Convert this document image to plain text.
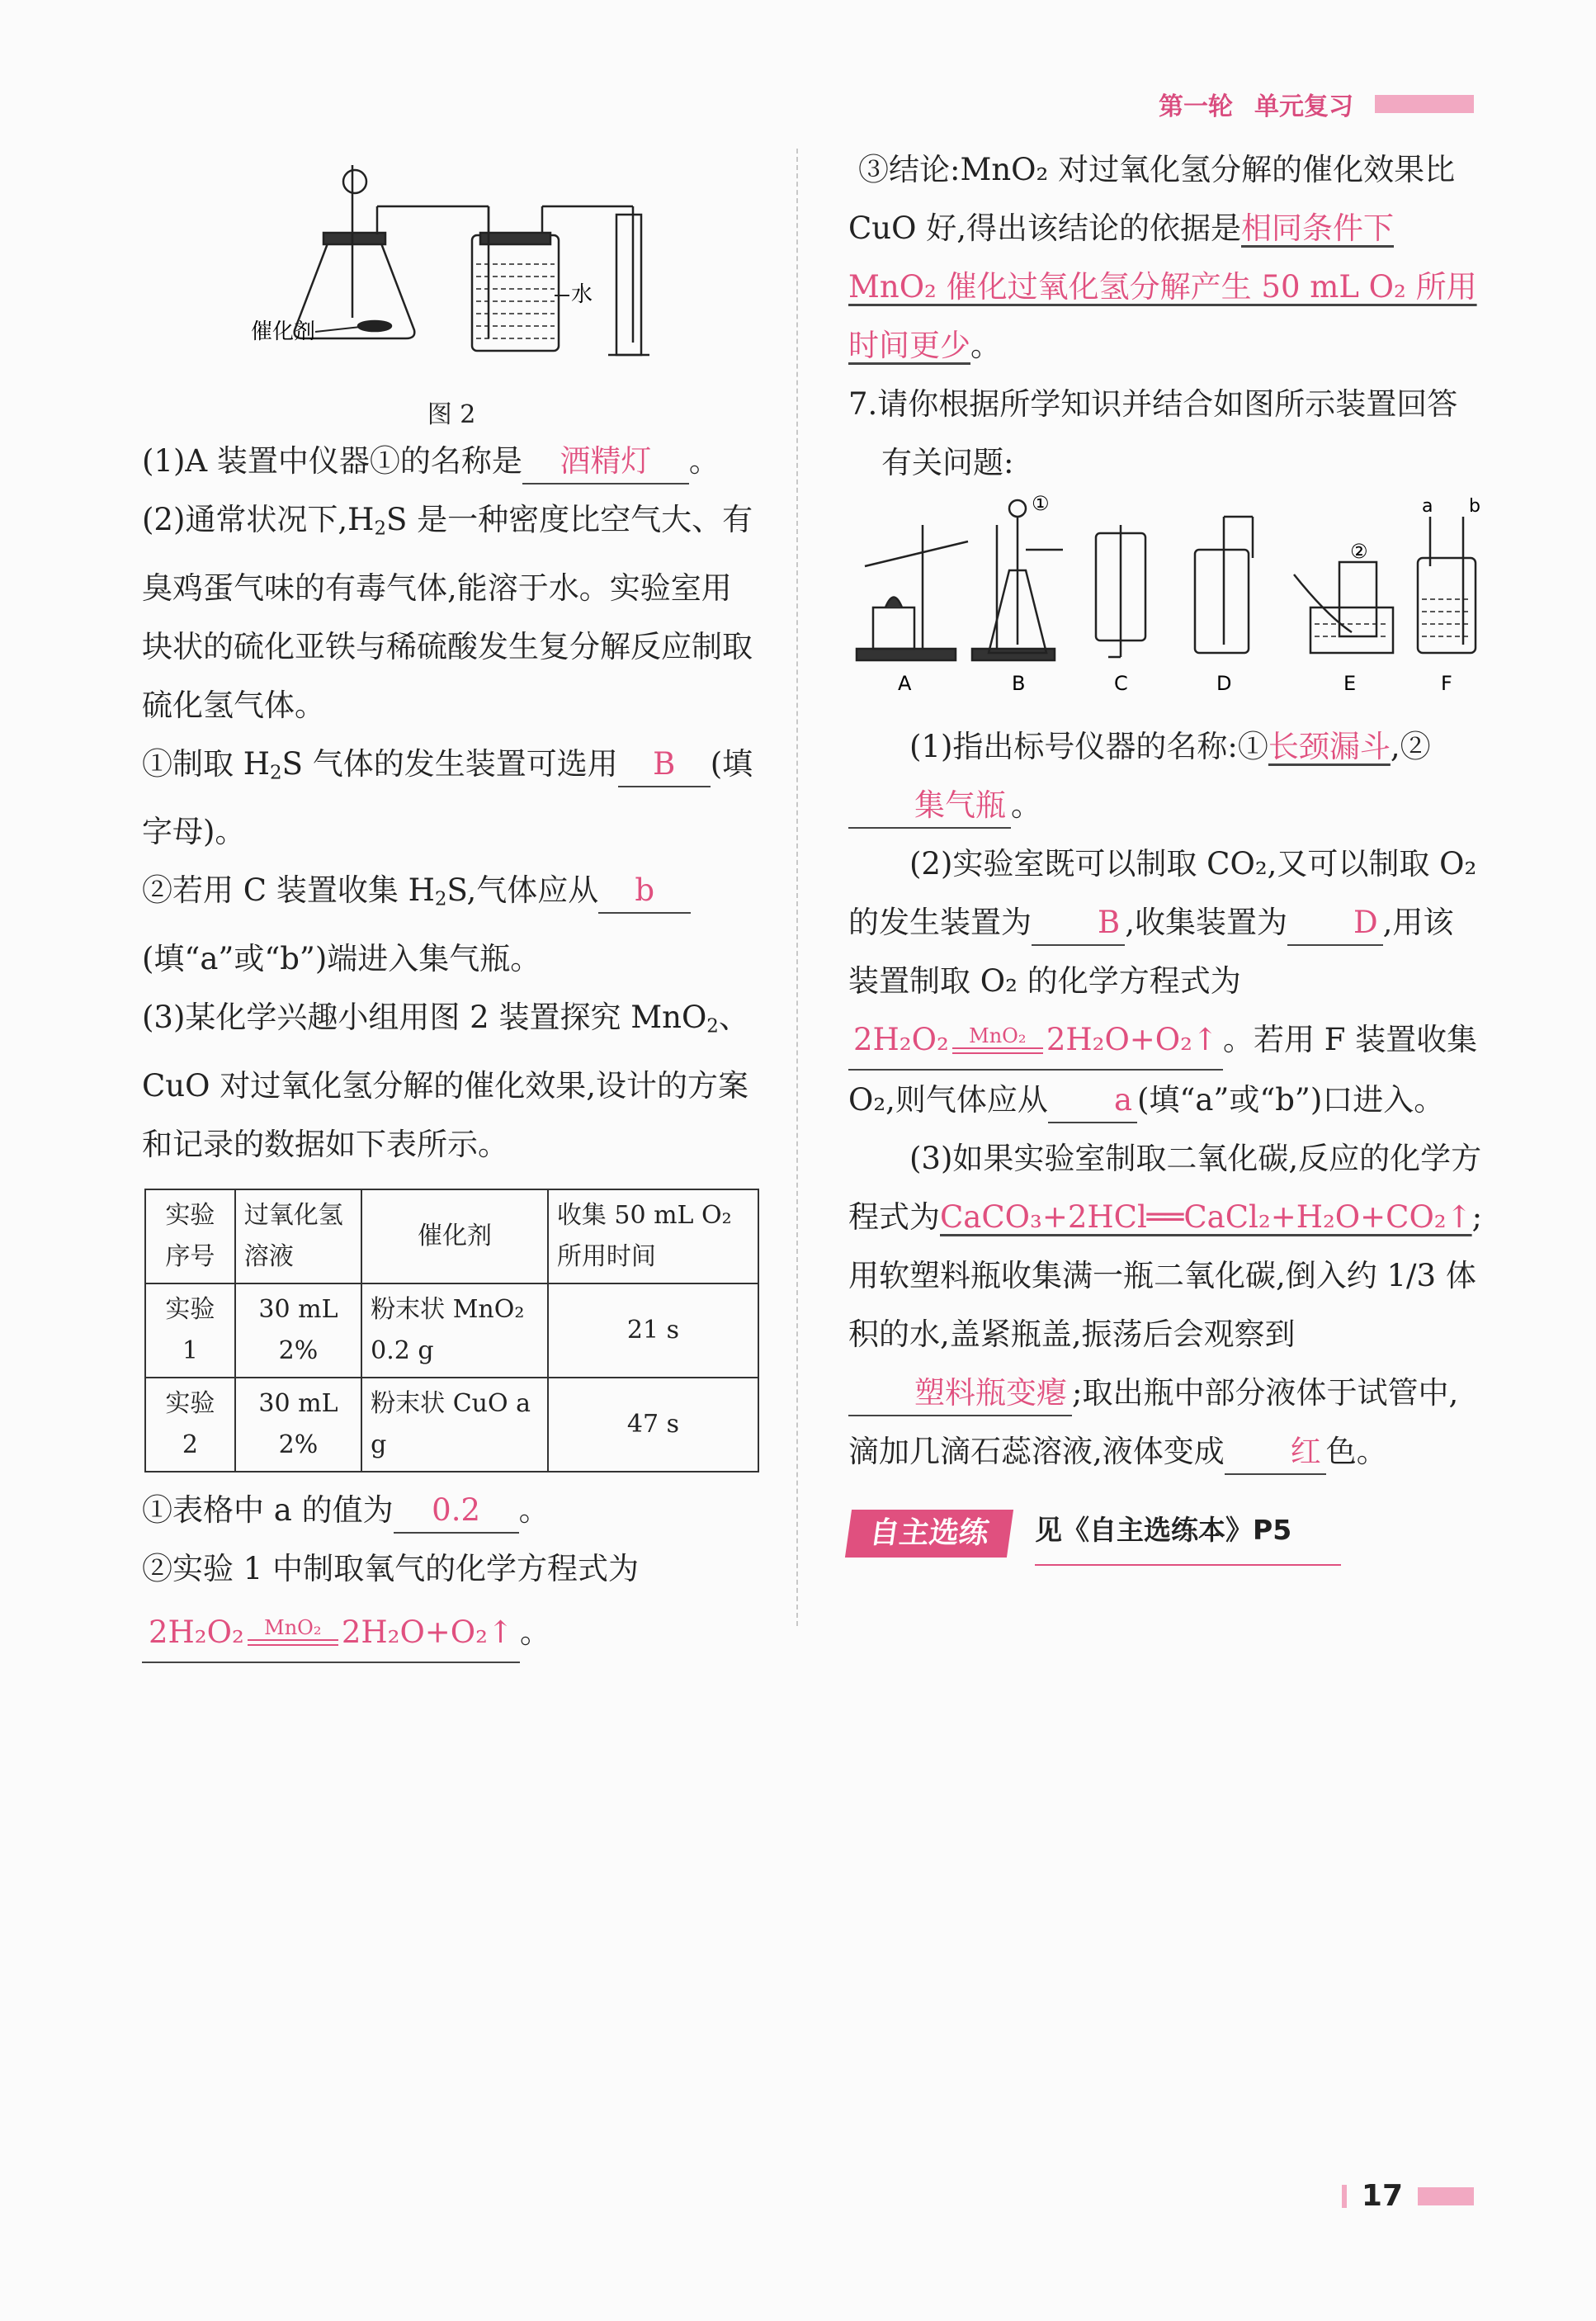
第一轮 单元复习
催化剂
水
图 2

(1)A 装置中仪器①的名称是 酒精灯 。

(2)通常状况下$,H_2S$ 是一种密度比空气大、有臭鸡蛋气味的有毒气体,能溶于水。实验室用块状的硫化亚铁与稀硫酸发生复分解反应制取硫化氢气体。

①制取 $H_2S$ 气体的发生装置可选用 B (填字母)。

②若用 C 装置收集 $H_2S$,气体应从 b(填“a”或“b”)端进入集气瓶。

(3)某化学兴趣小组用图 2 装置探究 MnO$_2$、CuO 对过氧化氢分解的催化效果,设计的方案和记录的数据如下表所示。

实验序号	过氧化氢溶液	催化剂	收集 50 mL O₂ 所用时间
实验 1	30 mL 2%	粉末状 MnO₂ 0.2 g	21 s
实验 2	30 mL 2%	粉末状 CuO a g	47 s

①表格中 a 的值为 0.2 。

②实验 1 中制取氧气的化学方程式为

2H₂O₂ MnO₂ 2H₂O+O₂↑ 。

③结论:MnO₂ 对过氧化氢分解的催化效果比 CuO 好,得出该结论的依据是相同条件下 MnO₂ 催化过氧化氢分解产生 50 mL O₂ 所用时间更少。

7.请你根据所学知识并结合如图所示装置回答有关问题:

①
②
a b
A	B	C	D	E	F

(1)指出标号仪器的名称:①长颈漏斗,②集气瓶 。

(2)实验室既可以制取 CO₂,又可以制取 O₂ 的发生装置为 B ,收集装置为 D ,用该装置制取 O₂ 的化学方程式为
2H₂O₂ MnO₂ 2H₂O+O₂↑ 。若用 F 装置收集 O₂,则气体应从 a (填“a”或“b”)口进入。

(3)如果实验室制取二氧化碳,反应的化学方程式为CaCO₃+2HCl══CaCl₂+H₂O+CO₂↑;用软塑料瓶收集满一瓶二氧化碳,倒入约 1/3 体积的水,盖紧瓶盖,振荡后会观察到塑料瓶变瘪 ;取出瓶中部分液体于试管中,滴加几滴石蕊溶液,液体变成 红 色。

自主选练	见《自主选练本》P5
17
